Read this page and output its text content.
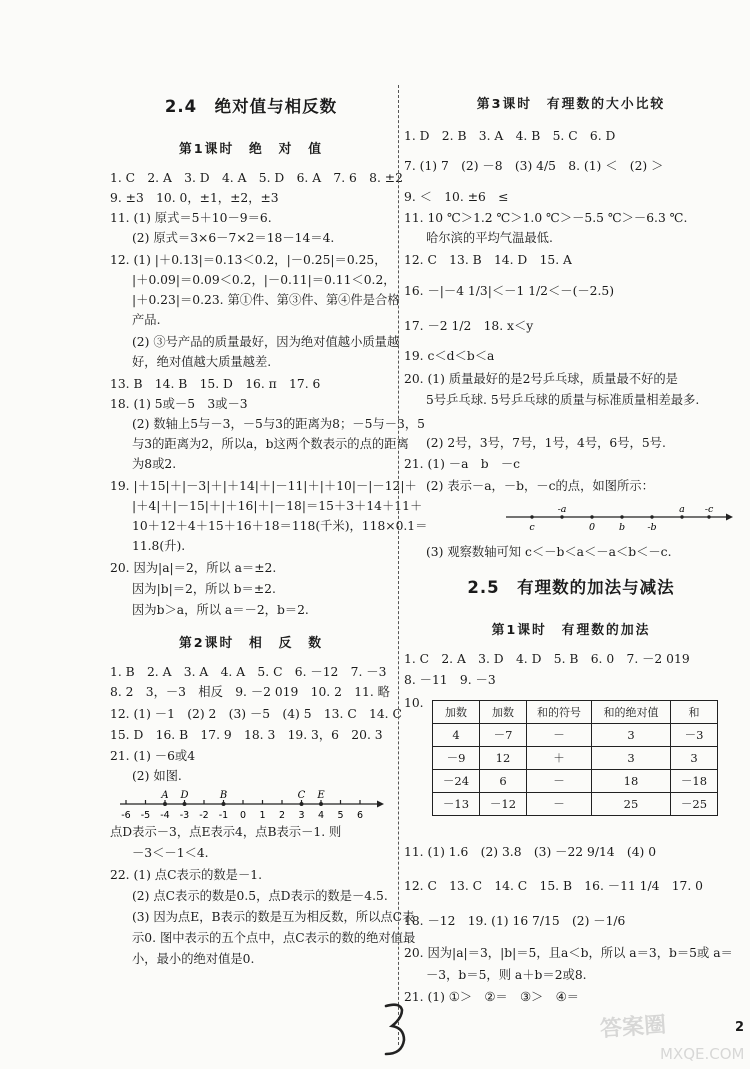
2.4　绝对值与相反数
第1课时　绝　对　值
1. C　2. A　3. D　4. A　5. D　6. A　7. 6　8. ±2
9. ±3　10. 0，±1，±2，±3
11. (1) 原式＝5＋10－9＝6.
(2) 原式＝3×6－7×2＝18－14＝4.
12. (1) |＋0.13|＝0.13＜0.2，|－0.25|＝0.25，
|＋0.09|＝0.09＜0.2，|－0.11|＝0.11＜0.2，
|＋0.23|＝0.23. 第①件、第③件、第④件是合格
产品.
(2) ③号产品的质量最好，因为绝对值越小质量越
好，绝对值越大质量越差.
13. B　14. B　15. D　16. π　17. 6
18. (1) 5或－5　3或－3
(2) 数轴上5与－3，－5与3的距离为8；－5与－3，5
与3的距离为2，所以a，b这两个数表示的点的距离
为8或2.
19. |＋15|＋|－3|＋|＋14|＋|－11|＋|＋10|－|－12|＋
|＋4|＋|－15|＋|＋16|＋|－18|＝15＋3＋14＋11＋
10＋12＋4＋15＋16＋18＝118(千米)，118×0.1＝
11.8(升).
20. 因为|a|＝2，所以 a＝±2.
因为|b|＝2，所以 b＝±2.
因为b＞a，所以 a＝－2，b＝2.
第2课时　相　反　数
1. B　2. A　3. A　4. A　5. C　6. －12　7. －3
8. 2　3，－3　相反　9. －2 019　10. 2　11. 略
12. (1) －1　(2) 2　(3) －5　(4) 5　13. C　14. C
15. D　16. B　17. 9　18. 3　19. 3，6　20. 3
21. (1) －6或4
(2) 如图.
-6 -5 -4 -3 -2 -1 0 1 2 3 4 5 6
A D	B	C E
点D表示－3，点E表示4，点B表示－1. 则
－3＜－1＜4.
22. (1) 点C表示的数是－1.
(2) 点C表示的数是0.5，点D表示的数是－4.5.
(3) 因为点E，B表示的数是互为相反数，所以点C表
示0. 图中表示的五个点中，点C表示的数的绝对值最
小，最小的绝对值是0.
第3课时　有理数的大小比较
1. D　2. B　3. A　4. B　5. C　6. D
7. (1) 7　(2) －8　(3) 4/5　8. (1) ＜　(2) ＞
9. ＜　10. ±6　≤
11. 10 ℃＞1.2 ℃＞1.0 ℃＞－5.5 ℃＞－6.3 ℃.
哈尔滨的平均气温最低.
12. C　13. B　14. D　15. A
16. －|－4 1/3|＜－1 1/2＜－(－2.5)
17. －2 1/2　18. x＜y
19. c＜d＜b＜a
20. (1) 质量最好的是2号乒乓球，质量最不好的是
5号乒乓球. 5号乒乓球的质量与标准质量相差最多.
(2) 2号，3号，7号，1号，4号，6号，5号.
21. (1) －a　b　－c
(2) 表示－a，－b，－c的点，如图所示：
c
-a
0	b -b
a -c
(3) 观察数轴可知 c＜－b＜a＜－a＜b＜－c.
2.5　有理数的加法与减法
第1课时　有理数的加法
1. C　2. A　3. D　4. D　5. B　6. 0　7. －2 019
8. －11　9. －3
10.
加数	加数	和的符号	和的绝对值	和
4	－7	－	3	－3
－9	12	＋	3	3
－24	6	－	18	－18
－13	－12	－	25	－25
11. (1) 1.6　(2) 3.8　(3) －22 9/14　(4) 0
12. C　13. C　14. C　15. B　16. －11 1/4　17. 0
18. －12　19. (1) 16 7/15　(2) －1/6
20. 因为|a|＝3，|b|＝5，且a＜b，所以 a＝3，b＝5或 a＝
－3，b＝5，则 a＋b＝2或8.
21. (1) ①＞　②＝　③＞　④＝
2
答案圈
MXQE.COM
